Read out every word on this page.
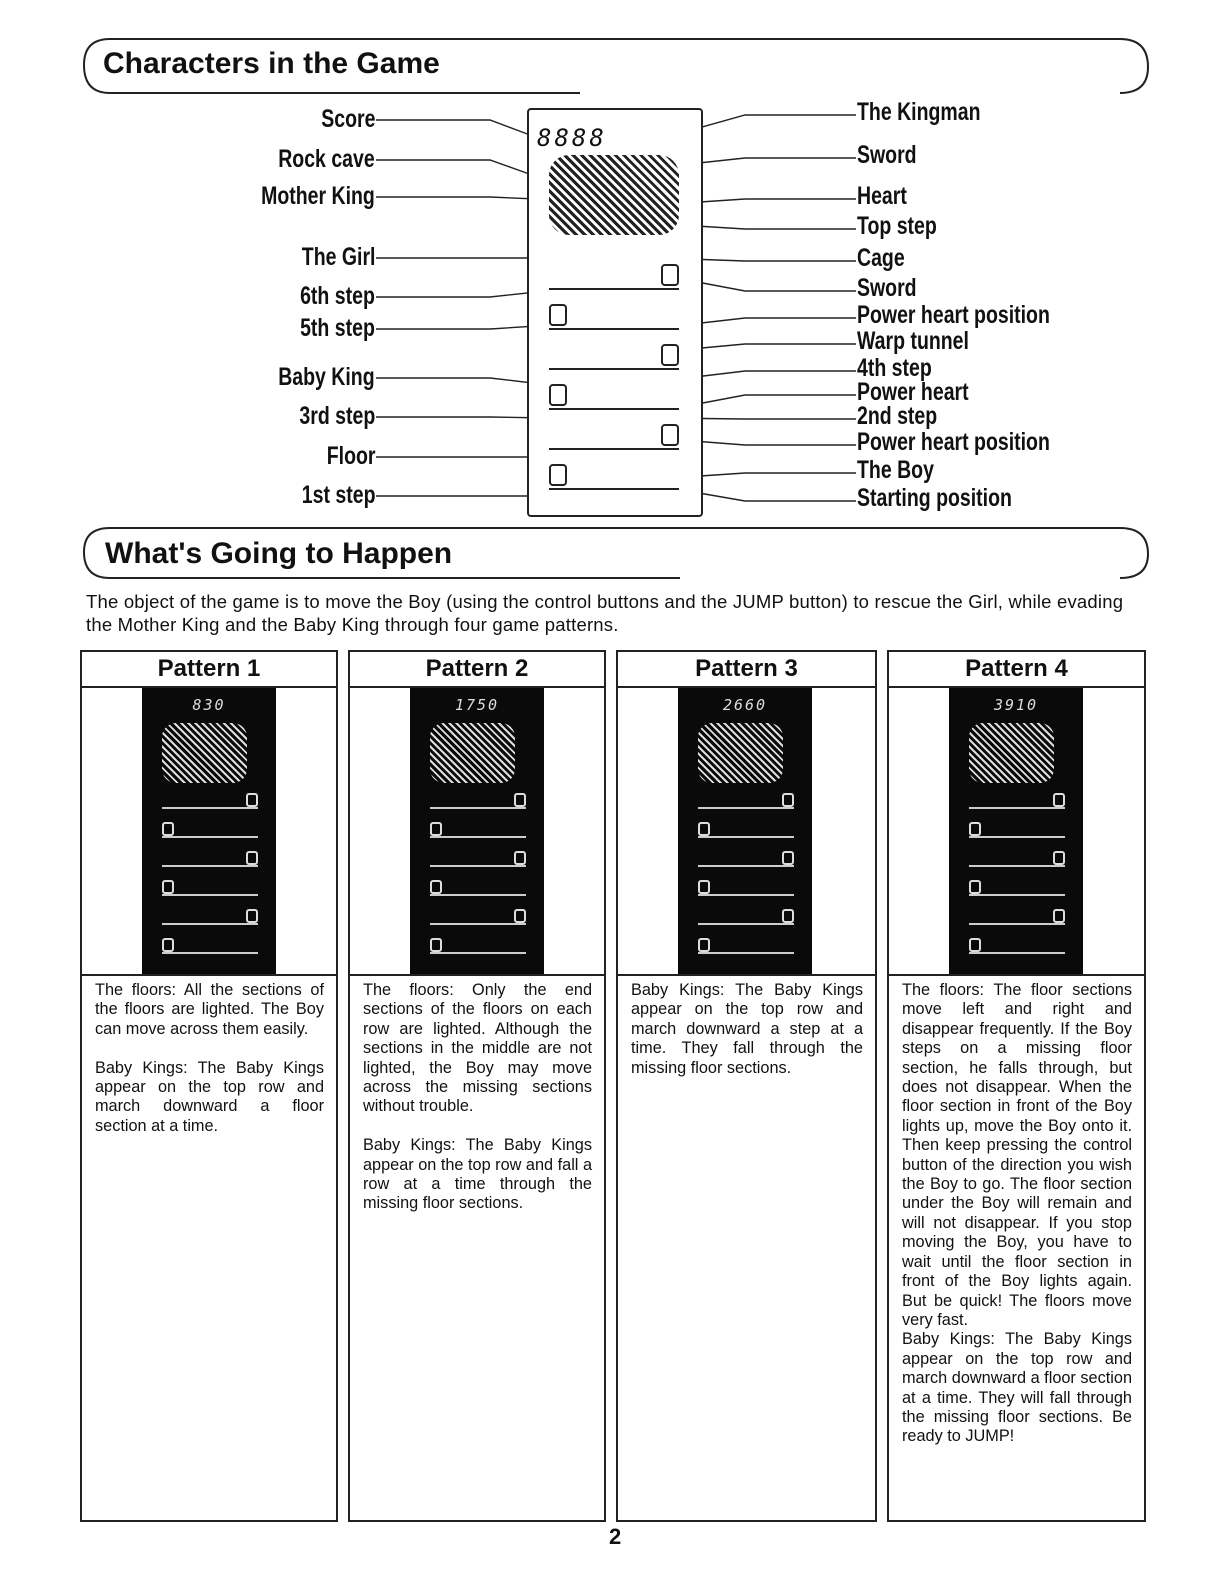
Characters in the Game
8888
Score
Rock cave
Mother King
The Girl
6th step
5th step
Baby King
3rd step
Floor
1st step
The Kingman
Sword
Heart
Top step
Cage
Sword
Power heart position
Warp tunnel
4th step
Power heart
2nd step
Power heart position
The Boy
Starting position
What's Going to Happen
The object of the game is to move the Boy (using the control buttons and the JUMP button) to rescue the Girl, while evading the Mother King and the Baby King through four game patterns.
Pattern 1
830
The floors: All the sections of the floors are lighted. The Boy can move across them easily.

Baby Kings: The Baby Kings appear on the top row and march downward a floor section at a time.
Pattern 2
1750
The floors: Only the end sections of the floors on each row are lighted. Although the sections in the middle are not lighted, the Boy may move across the missing sections without trouble.

Baby Kings: The Baby Kings appear on the top row and fall a row at a time through the missing floor sections.
Pattern 3
2660
Baby Kings: The Baby Kings appear on the top row and march downward a step at a time. They fall through the missing floor sections.
Pattern 4
3910
The floors: The floor sections move left and right and disappear frequently. If the Boy steps on a missing floor section, he falls through, but does not disappear. When the floor section in front of the Boy lights up, move the Boy onto it. Then keep pressing the control button of the direction you wish the Boy to go. The floor section under the Boy will remain and will not disappear. If you stop moving the Boy, you have to wait until the floor section in front of the Boy lights again. But be quick! The floors move very fast.
Baby Kings: The Baby Kings appear on the top row and march downward a floor section at a time. They will fall through the missing floor sections. Be ready to JUMP!
2
